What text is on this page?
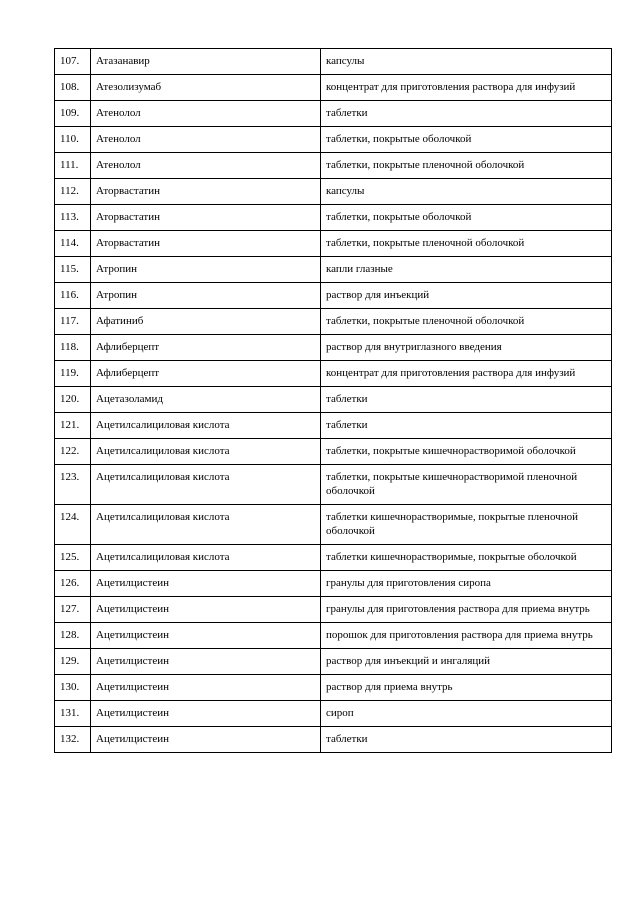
107.	Атазанавир	капсулы
108.	Атезолизумаб	концентрат для приготовления раствора для инфузий
109.	Атенолол	таблетки
110.	Атенолол	таблетки, покрытые оболочкой
111.	Атенолол	таблетки, покрытые пленочной оболочкой
112.	Аторвастатин	капсулы
113.	Аторвастатин	таблетки, покрытые оболочкой
114.	Аторвастатин	таблетки, покрытые пленочной оболочкой
115.	Атропин	капли глазные
116.	Атропин	раствор для инъекций
117.	Афатиниб	таблетки, покрытые пленочной оболочкой
118.	Афлиберцепт	раствор для внутриглазного введения
119.	Афлиберцепт	концентрат для приготовления раствора для инфузий
120.	Ацетазоламид	таблетки
121.	Ацетилсалициловая кислота	таблетки
122.	Ацетилсалициловая кислота	таблетки, покрытые кишечнорастворимой оболочкой
123.	Ацетилсалициловая кислота	таблетки, покрытые кишечнорастворимой пленочной оболочкой
124.	Ацетилсалициловая кислота	таблетки кишечнорастворимые, покрытые пленочной оболочкой
125.	Ацетилсалициловая кислота	таблетки кишечнорастворимые, покрытые оболочкой
126.	Ацетилцистеин	гранулы для приготовления сиропа
127.	Ацетилцистеин	гранулы для приготовления раствора для приема внутрь
128.	Ацетилцистеин	порошок для приготовления раствора для приема внутрь
129.	Ацетилцистеин	раствор для инъекций и ингаляций
130.	Ацетилцистеин	раствор для приема внутрь
131.	Ацетилцистеин	сироп
132.	Ацетилцистеин	таблетки
